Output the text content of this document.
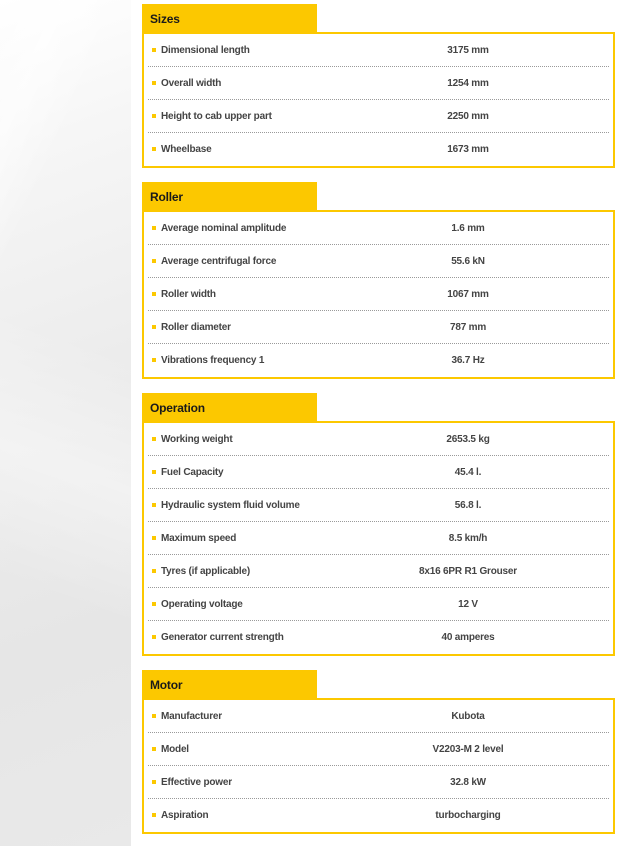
Sizes
Dimensional length	3175 mm
Overall width	1254 mm
Height to cab upper part	2250 mm
Wheelbase	1673 mm
Roller
Average nominal amplitude	1.6 mm
Average centrifugal force	55.6 kN
Roller width	1067 mm
Roller diameter	787 mm
Vibrations frequency 1	36.7 Hz
Operation
Working weight	2653.5 kg
Fuel Capacity	45.4 l.
Hydraulic system fluid volume	56.8 l.
Maximum speed	8.5 km/h
Tyres (if applicable)	8x16 6PR R1 Grouser
Operating voltage	12 V
Generator current strength	40 amperes
Motor
Manufacturer	Kubota
Model	V2203-M 2 level
Effective power	32.8 kW
Aspiration	turbocharging
